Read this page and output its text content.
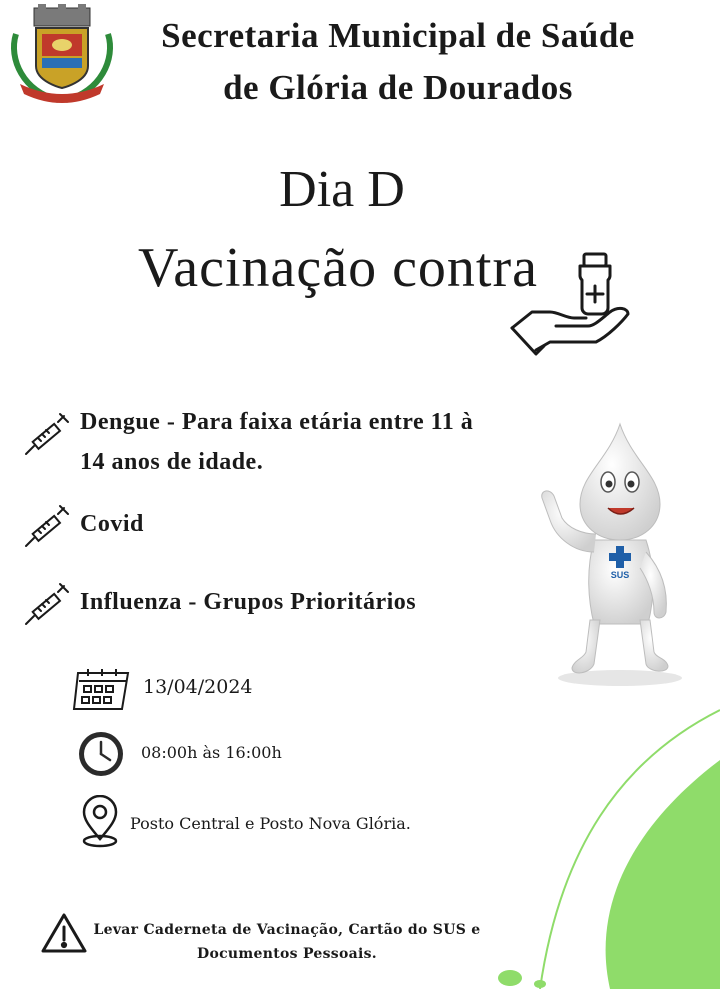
Secretaria Municipal de Saúde
de Glória de Dourados
Dia D
Vacinação contra
Dengue - Para faixa etária entre 11 à
14 anos de idade.
Covid
Influenza - Grupos Prioritários
SUS
13/04/2024
08:00h às 16:00h
Posto Central e Posto Nova Glória.
Levar Caderneta de Vacinação, Cartão do SUS e
Documentos Pessoais.
